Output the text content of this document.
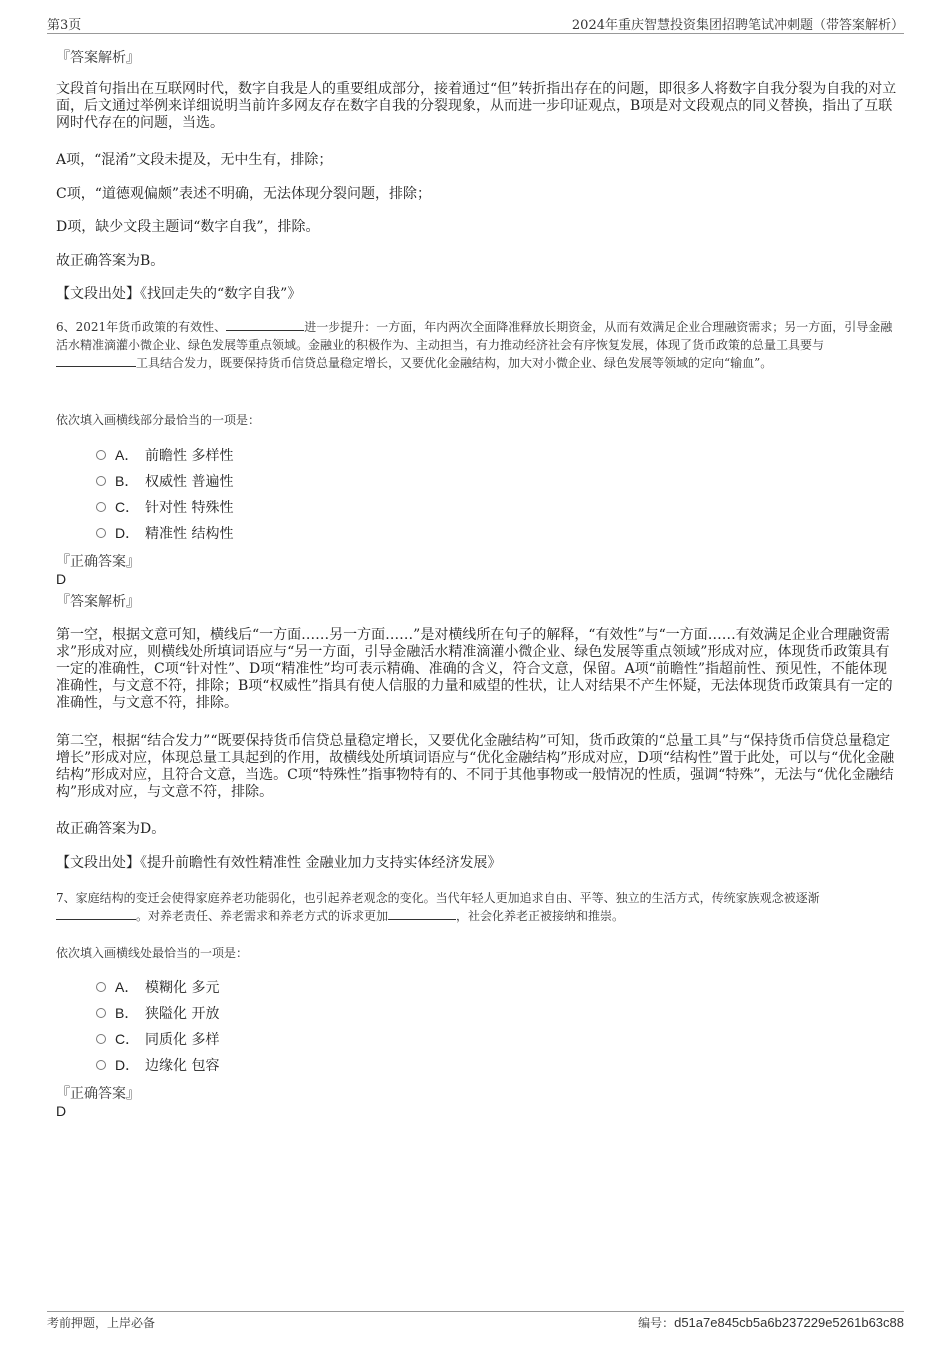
第3页	2024年重庆智慧投资集团招聘笔试冲刺题（带答案解析）
『答案解析』

文段首句指出在互联网时代，数字自我是人的重要组成部分，接着通过“但”转折指出存在的问题，即很多人将数字自我分裂为自我的对立面，后文通过举例来详细说明当前许多网友存在数字自我的分裂现象，从而进一步印证观点，B项是对文段观点的同义替换，指出了互联网时代存在的问题，当选。

A项，“混淆”文段未提及，无中生有，排除；

C项，“道德观偏颇”表述不明确，无法体现分裂问题，排除；

D项，缺少文段主题词“数字自我”，排除。

故正确答案为B。

【文段出处】《找回走失的“数字自我”》

6、2021年货币政策的有效性、	进一步提升：一方面，年内两次全面降准释放长期资金，从而有效满足企业合理融资需求；另一方面，引导金融活水精准滴灌小微企业、绿色发展等重点领域。金融业的积极作为、主动担当，有力推动经济社会有序恢复发展，体现了货币政策的总量工具要与工具结合发力，既要保持货币信贷总量稳定增长，又要优化金融结构，加大对小微企业、绿色发展等领域的定向“输血”。

依次填入画横线部分最恰当的一项是：

A． 前瞻性 多样性
B． 权威性 普遍性
C． 针对性 特殊性
D． 精准性 结构性
『正确答案』
D
『答案解析』

第一空，根据文意可知，横线后“一方面……另一方面……”是对横线所在句子的解释，“有效性”与“一方面……有效满足企业合理融资需求”形成对应，则横线处所填词语应与“另一方面，引导金融活水精准滴灌小微企业、绿色发展等重点领域”形成对应，体现货币政策具有一定的准确性，C项“针对性”、D项“精准性”均可表示精确、准确的含义，符合文意，保留。A项“前瞻性”指超前性、预见性，不能体现准确性，与文意不符，排除；B项“权威性”指具有使人信服的力量和威望的性状，让人对结果不产生怀疑，无法体现货币政策具有一定的准确性，与文意不符，排除。

第二空，根据“结合发力”“既要保持货币信贷总量稳定增长，又要优化金融结构”可知，货币政策的“总量工具”与“保持货币信贷总量稳定增长”形成对应，体现总量工具起到的作用，故横线处所填词语应与“优化金融结构”形成对应，D项“结构性”置于此处，可以与“优化金融结构”形成对应，且符合文意，当选。C项“特殊性”指事物特有的、不同于其他事物或一般情况的性质，强调“特殊”，无法与“优化金融结构”形成对应，与文意不符，排除。

故正确答案为D。

【文段出处】《提升前瞻性有效性精准性 金融业加力支持实体经济发展》

7、家庭结构的变迁会使得家庭养老功能弱化，也引起养老观念的变化。当代年轻人更加追求自由、平等、独立的生活方式，传统家族观念被逐渐。对养老责任、养老需求和养老方式的诉求更加	，社会化养老正被接纳和推崇。

依次填入画横线处最恰当的一项是：

A． 模糊化 多元
B． 狭隘化 开放
C． 同质化 多样
D． 边缘化 包容
『正确答案』
D
考前押题，上岸必备	编号：d51a7e845cb5a6b237229e5261b63c88
